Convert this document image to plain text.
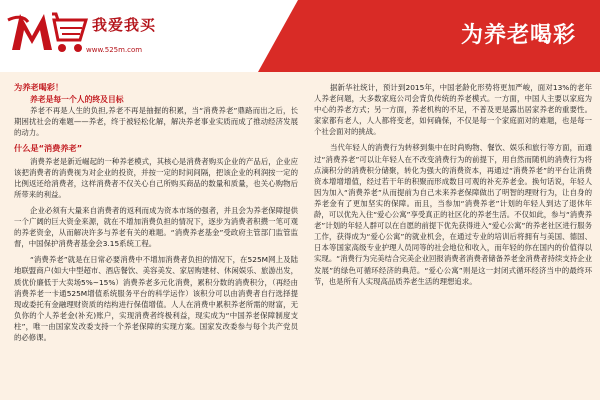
我爱我买
www.525m.com
为养老喝彩

为养老喝彩！

养老是每一个人的终及目标

养老不再是人生的负担,养老不再是抽握的积累，当“消费养老”鼎路而出之后，长期困扰社会的难题——养老，终于被轻松化解，解决养老事业实质而成了推动经济发展的动力。

什么是“消费养老”

消费养老是新近崛起的一种养老模式，其核心是消费者购买企业的产品后，企业应该把消费者的消费视为对企业的投资，并按一定的时间间隔，把该企业的利润按一定的比例返还给消费者，这样消费者不仅关心自己所购买商品的数量和质量，也关心购物后所带来的利益。

企业必须有大量来自消费者的返利而成为资本市场的强者，并且会为养老保障提供一个广阔的巨大资金来源，就在不增加消费负担的情况下，逐步为消费者积攒一笔可观的养老资金，从而解决许多与养老有关的难题。“消费养老基金”受政府主管部门监管监督，中国保护消费者基金会3.15系统工程。

“消费养老”就是在日常必要消费中不增加消费者负担的情况下，在525M网上及陆地联盟商户(如大中型超市、酒店餐饮、美容美发、家居购建材、休闲娱乐、旅游出发，质优价廉低于大卖场5%~15%）消费养老多元化消费，累积分数的消费积分，（再经由消费养老一卡通525M增值系统服务平台的科学运作）该积分可以由消费者自行选择提现或委托有金融理财资质的结构进行保值增值。人人在消费中累积养老所需的财富，无负你的个人养老金(补充)账户，实现消费者终极利益，现实成为“中国养老保障制度支柱”，唯一由国家发改委支持一个养老保障的实现方案。国家发改委参与每个共产党员的必修课。

据新华社统计，预计到2015年，中国老龄化形势将更加严峻，面对13%的老年人养老问题，大多数家庭公司会背负传统的养老模式。一方面，中国人主要以家庭为中心的养老方式；另一方面，养老机构的不足，不普及更是露出居家养老的重要性。家家都有老人，人人都将变老，如何确保，不仅是每一个家庭面对的难题，也是每一个社会面对的挑战。

当代年轻人的消费行为转移到集中在时尚购物、餐饮、娱乐和旅行等方面，而通过“消费养老”可以让年轻人在不改变消费行为的前提下，用自然而随机的消费行为将点滴积分的消费积分储聚，转化为强大的消费资本，再通过“消费养老”的平台让消费资本增增增值，经过若干年的积聚而形成数目可观的补充养老金。换句话说，年轻人因为加入“消费养老”从而提前为自己未来养老保障做出了明智的理财行为，让自身的养老金有了更加坚实的保障。而且，当参加“消费养老”计划的年轻人到达了退休年龄，可以优先入住“爱心公寓”享受真正的社区化的养老生活。不仅如此，参与“消费养老”计划的年轻人群可以在自愿的前提下优先获得进入“爱心公寓”的养老社区进行服务工作，获得成为“爱心公寓”的就业机会，在通过专业的培训后将拥有与美国、德国、日本等国家高级专业护理人员同等的社会地位和收入，而年轻的你在国内的价值得以实现。“消费行为完美结合完美企业回报消费者消费者储备养老金消费者持续支持企业发展”的绿色可循环经济的典范。“爱心公寓”则是这一封闭式循环经济当中的最终环节，也是所有人实现高品质养老生活的理想追求。
